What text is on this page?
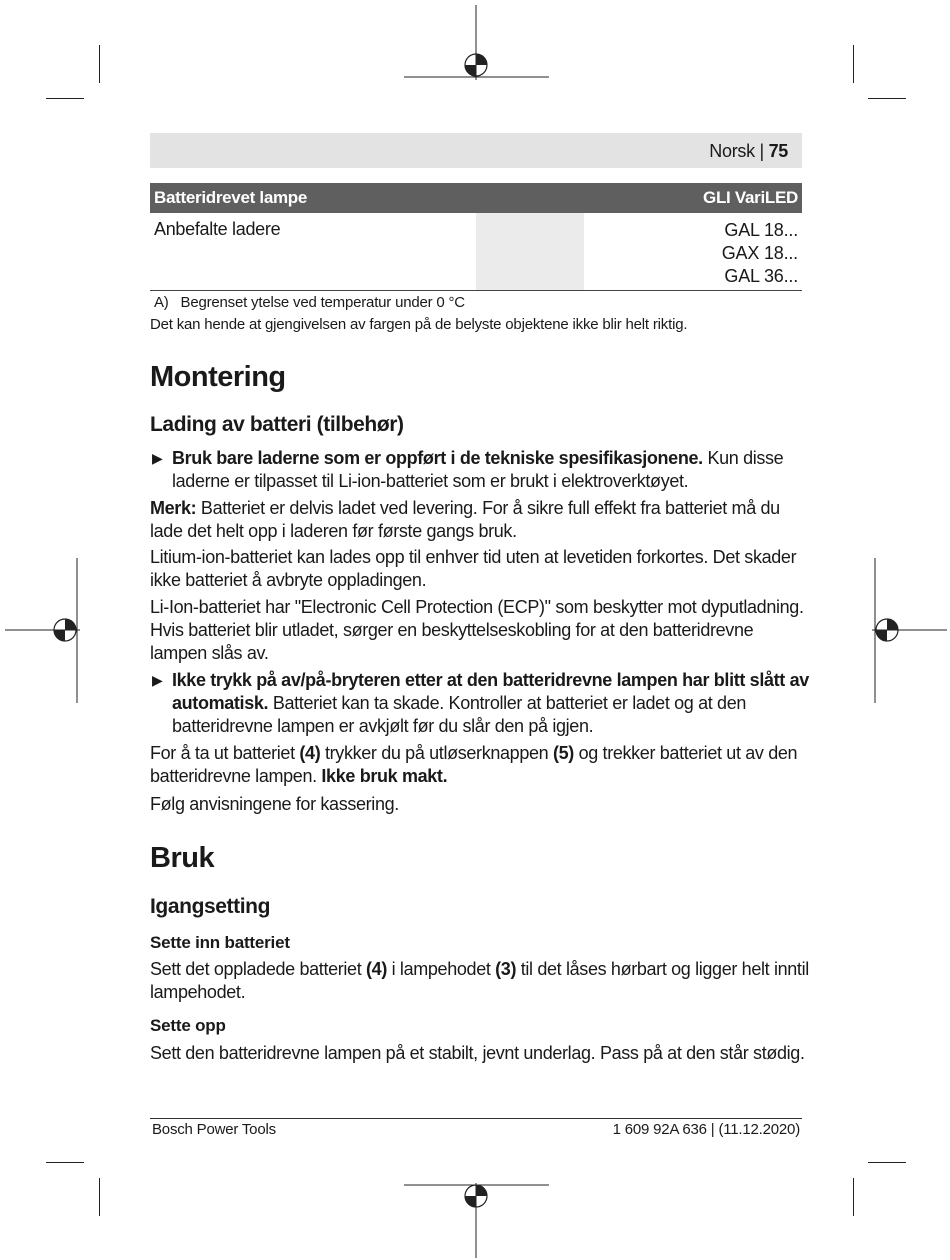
Norsk | 75
Batteridrevet lampe	GLI VariLED
Anbefalte ladere	GAL 18...
GAX 18...
GAL 36...
A) Begrenset ytelse ved temperatur under 0 °C
Det kan hende at gjengivelsen av fargen på de belyste objektene ikke blir helt riktig.
Montering
Lading av batteri (tilbehør)
▶ Bruk bare laderne som er oppført i de tekniske spesifikasjonene. Kun disse laderne er tilpasset til Li-ion-batteriet som er brukt i elektroverktøyet.
Merk: Batteriet er delvis ladet ved levering. For å sikre full effekt fra batteriet må du lade det helt opp i laderen før første gangs bruk.
Litium-ion-batteriet kan lades opp til enhver tid uten at levetiden forkortes. Det skader ikke batteriet å avbryte oppladingen.
Li-Ion-batteriet har "Electronic Cell Protection (ECP)" som beskytter mot dyputladning. Hvis batteriet blir utladet, sørger en beskyttelseskobling for at den batteridrevne lampen slås av.
▶ Ikke trykk på av/på-bryteren etter at den batteridrevne lampen har blitt slått av automatisk. Batteriet kan ta skade. Kontroller at batteriet er ladet og at den batteridrevne lampen er avkjølt før du slår den på igjen.
For å ta ut batteriet (4) trykker du på utløserknappen (5) og trekker batteriet ut av den batteridrevne lampen. Ikke bruk makt.
Følg anvisningene for kassering.
Bruk
Igangsetting
Sette inn batteriet
Sett det oppladede batteriet (4) i lampehodet (3) til det låses hørbart og ligger helt inntil lampehodet.
Sette opp
Sett den batteridrevne lampen på et stabilt, jevnt underlag. Pass på at den står stødig.
Bosch Power Tools	1 609 92A 636 | (11.12.2020)
